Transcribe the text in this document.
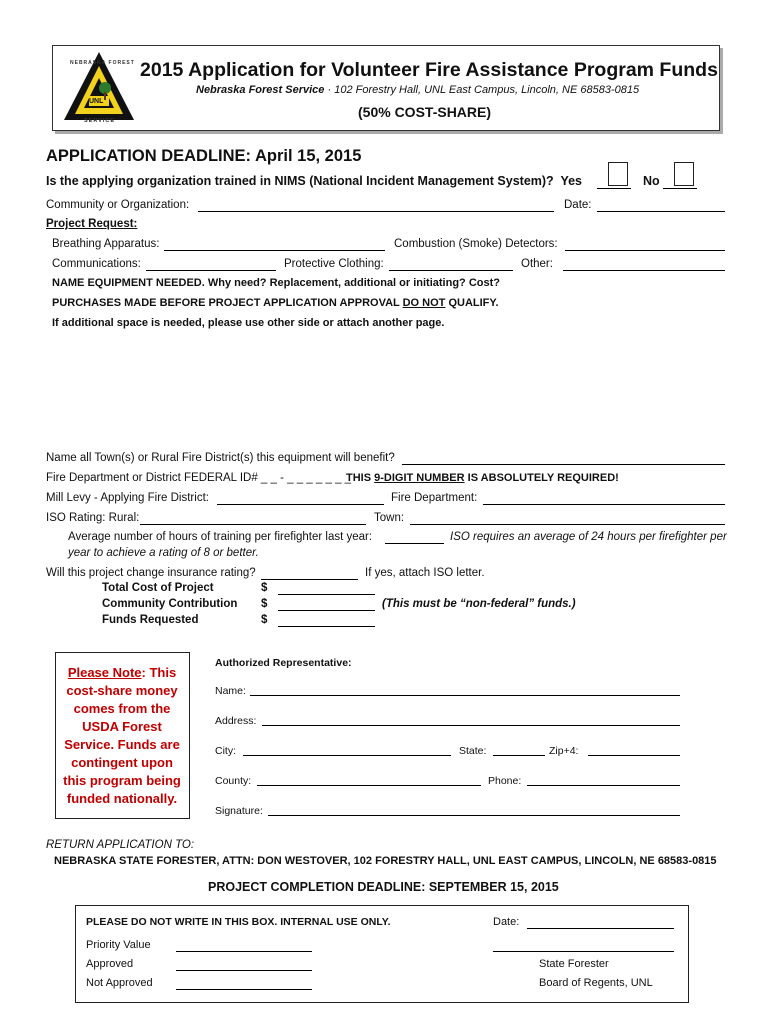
UNL
SERVICE
NEBRASKA FOREST 2015 Application for Volunteer Fire Assistance Program Funds
Nebraska Forest Service · 102 Forestry Hall, UNL East Campus, Lincoln, NE 68583-0815
(50% COST-SHARE)
APPLICATION DEADLINE: April 15, 2015
Is the applying organization trained in NIMS (National Incident Management System)? Yes	No
Community or Organization:	Date:
Project Request:
Breathing Apparatus:	Combustion (Smoke) Detectors:
Communications:	Protective Clothing:	Other:
NAME EQUIPMENT NEEDED. Why need? Replacement, additional or initiating? Cost?
PURCHASES MADE BEFORE PROJECT APPLICATION APPROVAL DO NOT QUALIFY.
If additional space is needed, please use other side or attach another page.
Name all Town(s) or Rural Fire District(s) this equipment will benefit?
Fire Department or District FEDERAL ID# _ _ - _ _ _ _ _ _ _
THIS 9-DIGIT NUMBER IS ABSOLUTELY REQUIRED!
Mill Levy - Applying Fire District:	Fire Department:
ISO Rating: Rural:	Town:
Average number of hours of training per firefighter last year:	ISO requires an average of 24 hours per firefighter per
year to achieve a rating of 8 or better.
Will this project change insurance rating?	If yes, attach ISO letter.
Total Cost of Project	$
Community Contribution $	(This must be “non-federal” funds.)
Funds Requested	$
Please Note: This cost-share money comes from the USDA Forest Service. Funds are contingent upon this program being funded nationally.
Authorized Representative:
Name:
Address:
City:	State:	Zip+4:
County:	Phone:
Signature:
RETURN APPLICATION TO:
NEBRASKA STATE FORESTER, ATTN: DON WESTOVER, 102 FORESTRY HALL, UNL EAST CAMPUS, LINCOLN, NE 68583-0815
PROJECT COMPLETION DEADLINE: SEPTEMBER 15, 2015
PLEASE DO NOT WRITE IN THIS BOX. INTERNAL USE ONLY.	Date:
Priority Value
Approved	State Forester
Not Approved	Board of Regents, UNL
